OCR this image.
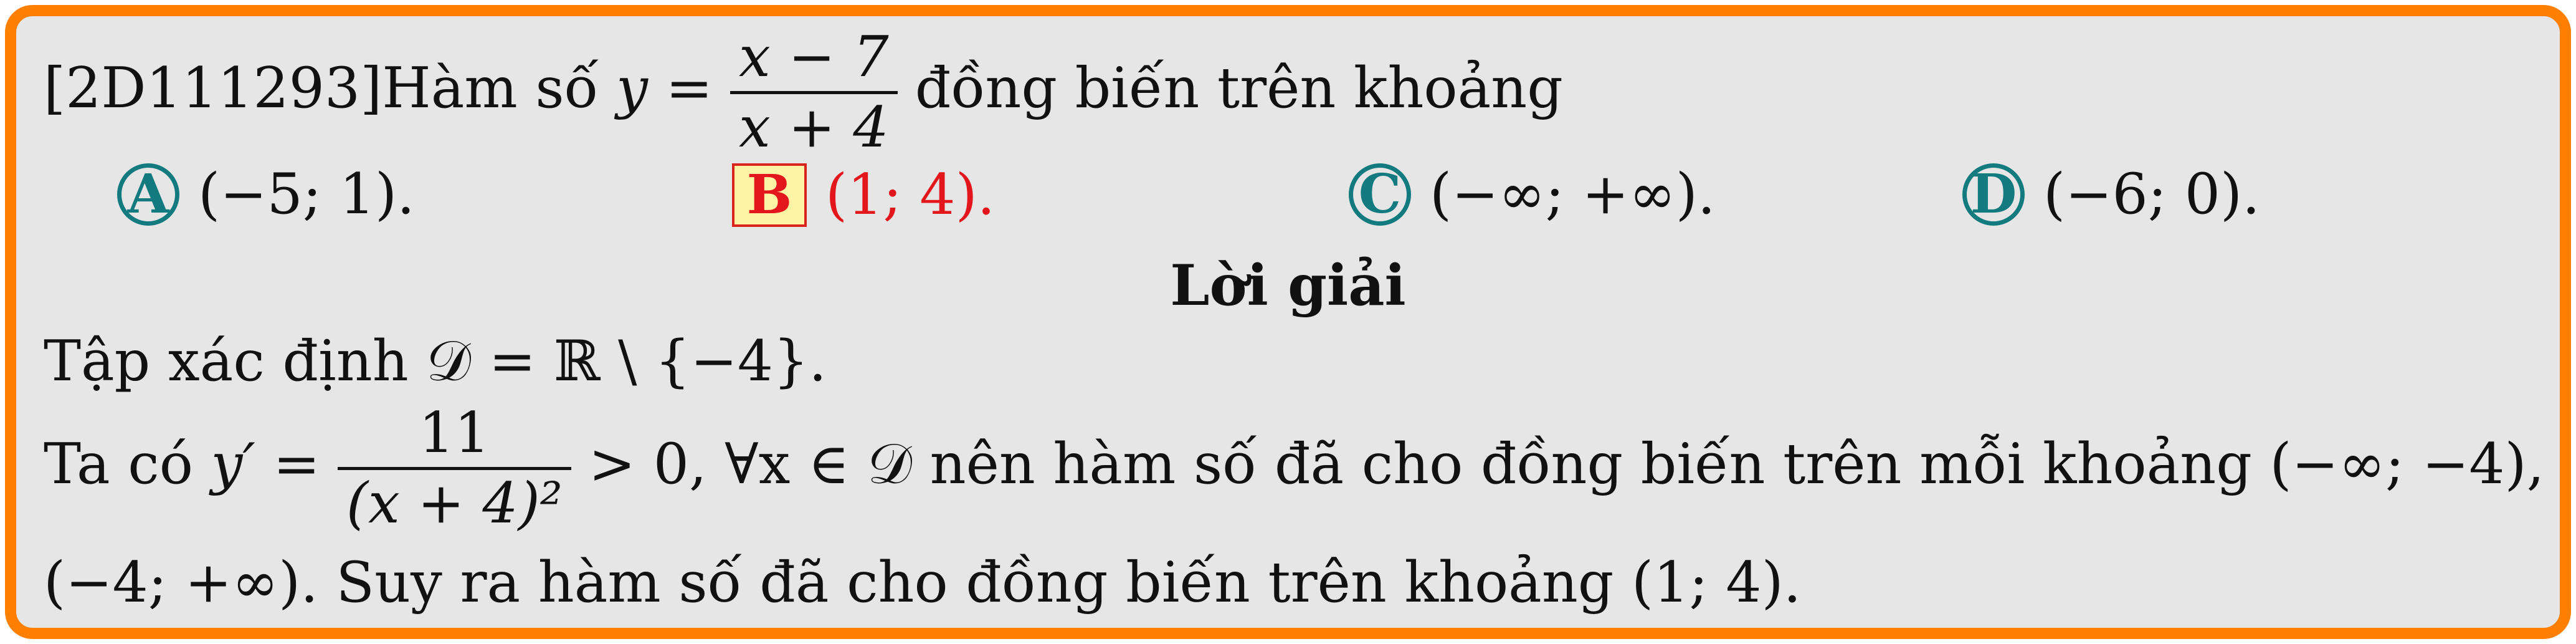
[2D111293]Hàm số $y = \frac{x - 7}{x + 4}$ đồng biến trên khoảng
A (−5; 1).	B (1; 4).	C (−∞; +∞).	D (−6; 0).
Lời giải
Tập xác định 𝒟 = ℝ \ {−4}.
Ta có $y' = \frac{11}{\text{(x + 4)²}} > 0$, ∀x ∈ 𝒟 nên hàm số đã cho đồng biến trên mỗi khoảng (−∞; −4),
(−4; +∞). Suy ra hàm số đã cho đồng biến trên khoảng (1; 4).
